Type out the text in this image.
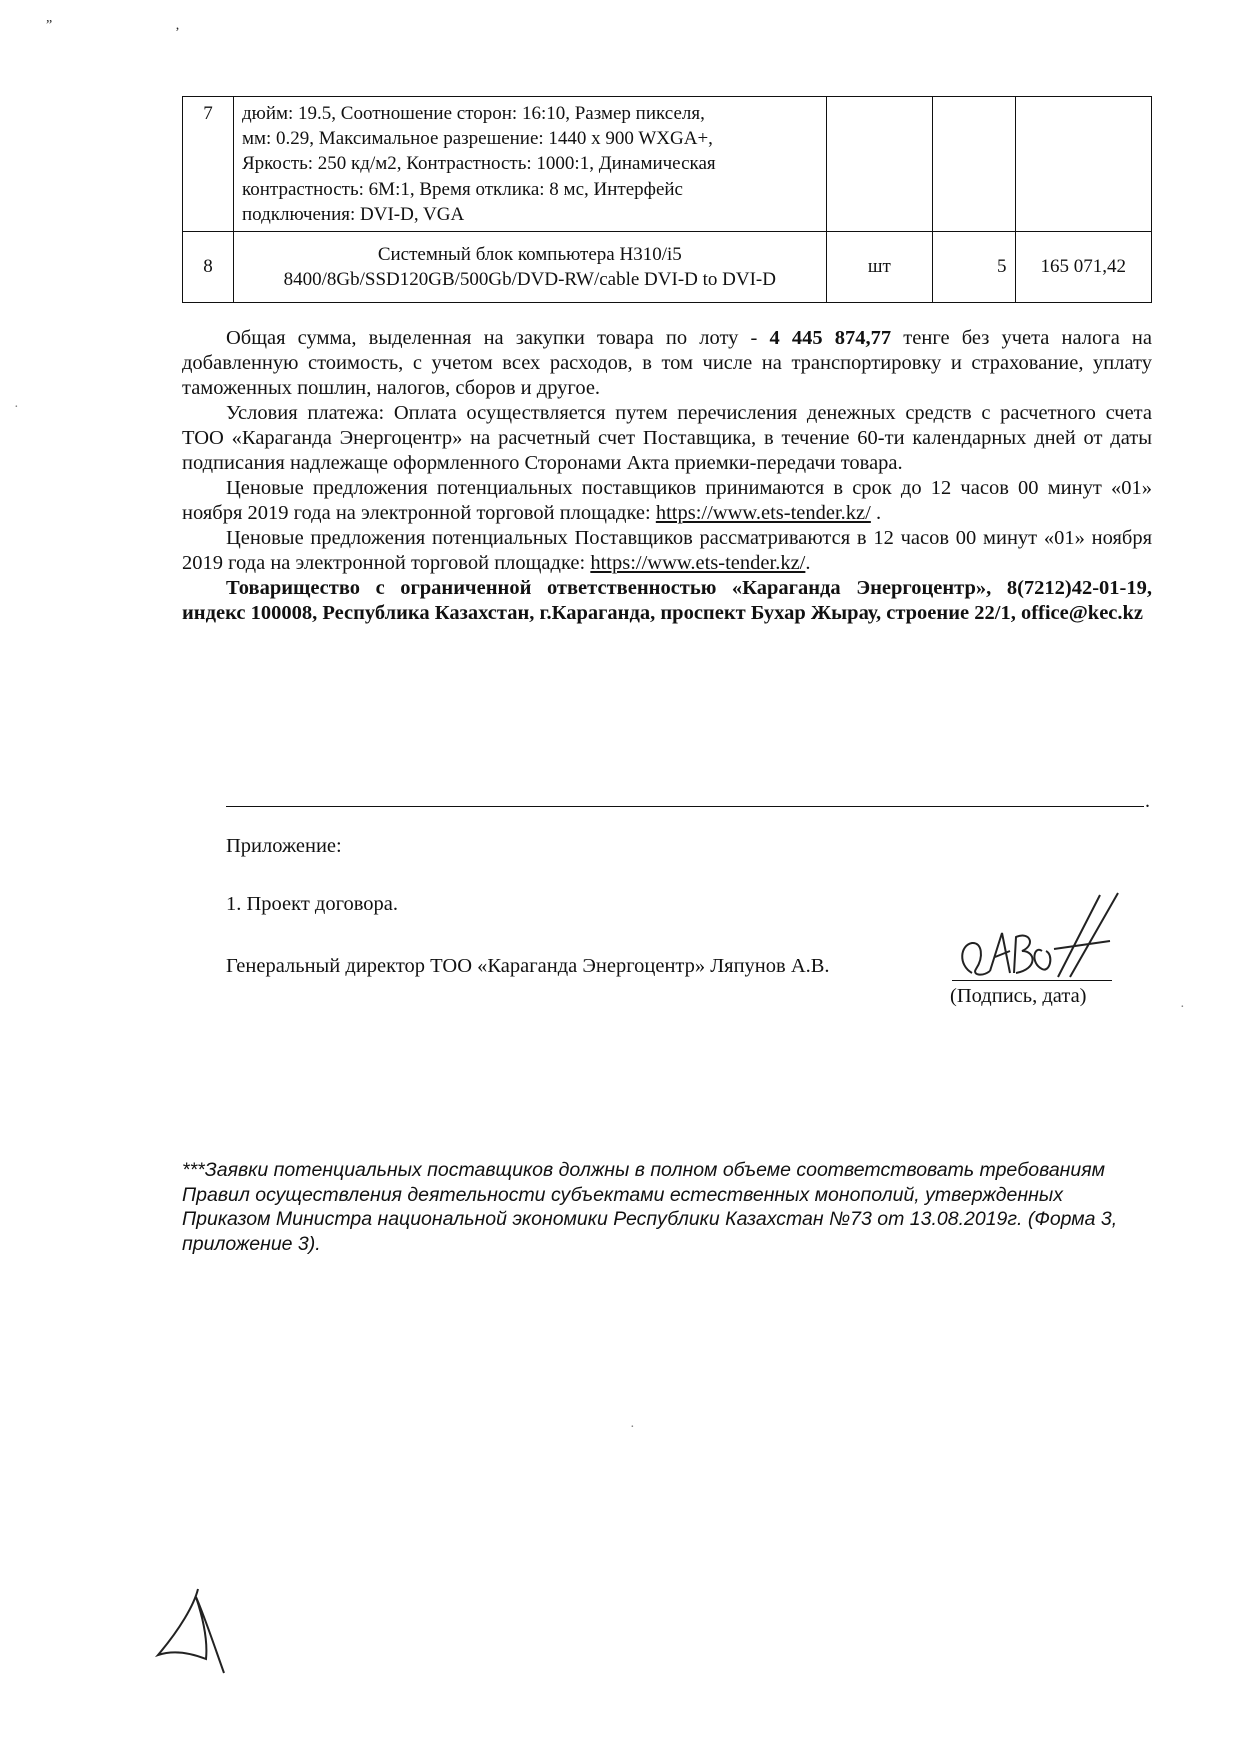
” ,
·
·
·
7	дюйм: 19.5, Соотношение сторон: 16:10, Размер пикселя,
мм: 0.29, Максимальное разрешение: 1440 x 900 WXGA+,
Яркость: 250 кд/м2, Контрастность: 1000:1, Динамическая
контрастность: 6M:1, Время отклика: 8 мс, Интерфейс
подключения: DVI-D, VGA			

8	Системный блок компьютера H310/i5
8400/8Gb/SSD120GB/500Gb/DVD-RW/cable DVI-D to DVI-D	шт	5	165 071,42

Общая сумма, выделенная на закупки товара по лоту - 4 445 874,77 тенге без учета налога на добавленную стоимость, с учетом всех расходов, в том числе на транспортировку и страхование, уплату таможенных пошлин, налогов, сборов и другое.

Условия платежа: Оплата осуществляется путем перечисления денежных средств с расчетного счета ТОО «Караганда Энергоцентр» на расчетный счет Поставщика, в течение 60-ти календарных дней от даты подписания надлежаще оформленного Сторонами Акта приемки-передачи товара.

Ценовые предложения потенциальных поставщиков принимаются в срок до 12 часов 00 минут «01» ноября 2019 года на электронной торговой площадке: https://www.ets-tender.kz/ .

Ценовые предложения потенциальных Поставщиков рассматриваются в 12 часов 00 минут «01» ноября 2019 года на электронной торговой площадке: https://www.ets-tender.kz/.

Товарищество с ограниченной ответственностью «Караганда Энергоцентр», 8(7212)42-01-19, индекс 100008, Республика Казахстан, г.Караганда, проспект Бухар Жырау, строение 22/1, office@kec.kz

.
Приложение:
1. Проект договора.
Генеральный директор ТОО «Караганда Энергоцентр» Ляпунов А.В.
(Подпись, дата)
***Заявки потенциальных поставщиков должны в полном объеме соответствовать требованиям Правил осуществления деятельности субъектами естественных монополий, утвержденных Приказом Министра национальной экономики Республики Казахстан №73 от 13.08.2019г. (Форма 3, приложение 3).
